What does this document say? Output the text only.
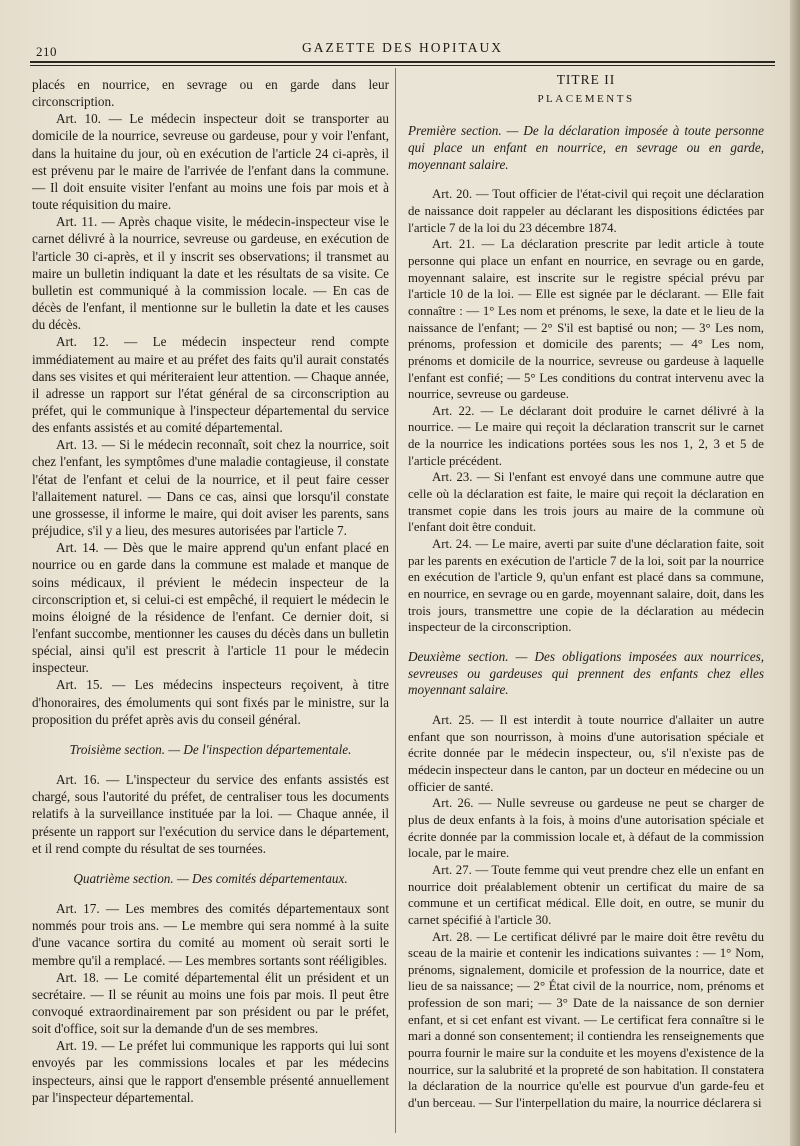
210	GAZETTE DES HOPITAUX

placés en nourrice, en sevrage ou en garde dans leur circonscription.

Art. 10. — Le médecin inspecteur doit se transporter au domicile de la nourrice, sevreuse ou gardeuse, pour y voir l'enfant, dans la huitaine du jour, où en exécution de l'article 24 ci-après, il est prévenu par le maire de l'arrivée de l'enfant dans la commune. — Il doit ensuite visiter l'enfant au moins une fois par mois et à toute réquisition du maire.

Art. 11. — Après chaque visite, le médecin-inspecteur vise le carnet délivré à la nourrice, sevreuse ou gardeuse, en exécution de l'article 30 ci-après, et il y inscrit ses observations; il transmet au maire un bulletin indiquant la date et les résultats de sa visite. Ce bulletin est communiqué à la commission locale. — En cas de décès de l'enfant, il mentionne sur le bulletin la date et les causes du décès.

Art. 12. — Le médecin inspecteur rend compte immédiatement au maire et au préfet des faits qu'il aurait constatés dans ses visites et qui mériteraient leur attention. — Chaque année, il adresse un rapport sur l'état général de sa circonscription au préfet, qui le communique à l'inspecteur départemental du service des enfants assistés et au comité départemental.

Art. 13. — Si le médecin reconnaît, soit chez la nourrice, soit chez l'enfant, les symptômes d'une maladie contagieuse, il constate l'état de l'enfant et celui de la nourrice, et il peut faire cesser l'allaitement naturel. — Dans ce cas, ainsi que lorsqu'il constate une grossesse, il informe le maire, qui doit aviser les parents, sans préjudice, s'il y a lieu, des mesures autorisées par l'article 7.

Art. 14. — Dès que le maire apprend qu'un enfant placé en nourrice ou en garde dans la commune est malade et manque de soins médicaux, il prévient le médecin inspecteur de la circonscription et, si celui-ci est empêché, il requiert le médecin le moins éloigné de la résidence de l'enfant. Ce dernier doit, si l'enfant succombe, mentionner les causes du décès dans un bulletin spécial, ainsi qu'il est prescrit à l'article 11 pour le médecin inspecteur.

Art. 15. — Les médecins inspecteurs reçoivent, à titre d'honoraires, des émoluments qui sont fixés par le ministre, sur la proposition du préfet après avis du conseil général.

Troisième section. — De l'inspection départementale.

Art. 16. — L'inspecteur du service des enfants assistés est chargé, sous l'autorité du préfet, de centraliser tous les documents relatifs à la surveillance instituée par la loi. — Chaque année, il présente un rapport sur l'exécution du service dans le département, et il rend compte du résultat de ses tournées.

Quatrième section. — Des comités départementaux.

Art. 17. — Les membres des comités départementaux sont nommés pour trois ans. — Le membre qui sera nommé à la suite d'une vacance sortira du comité au moment où serait sorti le membre qu'il a remplacé. — Les membres sortants sont rééligibles.

Art. 18. — Le comité départemental élit un président et un secrétaire. — Il se réunit au moins une fois par mois. Il peut être convoqué extraordinairement par son président ou par le préfet, soit d'office, soit sur la demande d'un de ses membres.

Art. 19. — Le préfet lui communique les rapports qui lui sont envoyés par les commissions locales et par les médecins inspecteurs, ainsi que le rapport d'ensemble présenté annuellement par l'inspecteur départemental.

TITRE II
PLACEMENTS

Première section. — De la déclaration imposée à toute personne qui place un enfant en nourrice, en sevrage ou en garde, moyennant salaire.

Art. 20. — Tout officier de l'état-civil qui reçoit une déclaration de naissance doit rappeler au déclarant les dispositions édictées par l'article 7 de la loi du 23 décembre 1874.

Art. 21. — La déclaration prescrite par ledit article à toute personne qui place un enfant en nourrice, en sevrage ou en garde, moyennant salaire, est inscrite sur le registre spécial prévu par l'article 10 de la loi. — Elle est signée par le déclarant. — Elle fait connaître : — 1° Les nom et prénoms, le sexe, la date et le lieu de la naissance de l'enfant; — 2° S'il est baptisé ou non; — 3° Les nom, prénoms, profession et domicile des parents; — 4° Les nom, prénoms et domicile de la nourrice, sevreuse ou gardeuse à laquelle l'enfant est confié; — 5° Les conditions du contrat intervenu avec la nourrice, sevreuse ou gardeuse.

Art. 22. — Le déclarant doit produire le carnet délivré à la nourrice. — Le maire qui reçoit la déclaration transcrit sur le carnet de la nourrice les indications portées sous les nos 1, 2, 3 et 5 de l'article précédent.

Art. 23. — Si l'enfant est envoyé dans une commune autre que celle où la déclaration est faite, le maire qui reçoit la déclaration en transmet copie dans les trois jours au maire de la commune où l'enfant doit être conduit.

Art. 24. — Le maire, averti par suite d'une déclaration faite, soit par les parents en exécution de l'article 7 de la loi, soit par la nourrice en exécution de l'article 9, qu'un enfant est placé dans sa commune, en nourrice, en sevrage ou en garde, moyennant salaire, doit, dans les trois jours, transmettre une copie de la déclaration au médecin inspecteur de la circonscription.

Deuxième section. — Des obligations imposées aux nourrices, sevreuses ou gardeuses qui prennent des enfants chez elles moyennant salaire.

Art. 25. — Il est interdit à toute nourrice d'allaiter un autre enfant que son nourrisson, à moins d'une autorisation spéciale et écrite donnée par le médecin inspecteur, ou, s'il n'existe pas de médecin inspecteur dans le canton, par un docteur en médecine ou un officier de santé.

Art. 26. — Nulle sevreuse ou gardeuse ne peut se charger de plus de deux enfants à la fois, à moins d'une autorisation spéciale et écrite donnée par la commission locale et, à défaut de la commission locale, par le maire.

Art. 27. — Toute femme qui veut prendre chez elle un enfant en nourrice doit préalablement obtenir un certificat du maire de sa commune et un certificat médical. Elle doit, en outre, se munir du carnet spécifié à l'article 30.

Art. 28. — Le certificat délivré par le maire doit être revêtu du sceau de la mairie et contenir les indications suivantes : — 1° Nom, prénoms, signalement, domicile et profession de la nourrice, date et lieu de sa naissance; — 2° État civil de la nourrice, nom, prénoms et profession de son mari; — 3° Date de la naissance de son dernier enfant, et si cet enfant est vivant. — Le certificat fera connaître si le mari a donné son consentement; il contiendra les renseignements que pourra fournir le maire sur la conduite et les moyens d'existence de la nourrice, sur la salubrité et la propreté de son habitation. Il constatera la déclaration de la nourrice qu'elle est pourvue d'un garde-feu et d'un berceau. — Sur l'interpellation du maire, la nourrice déclarera si
